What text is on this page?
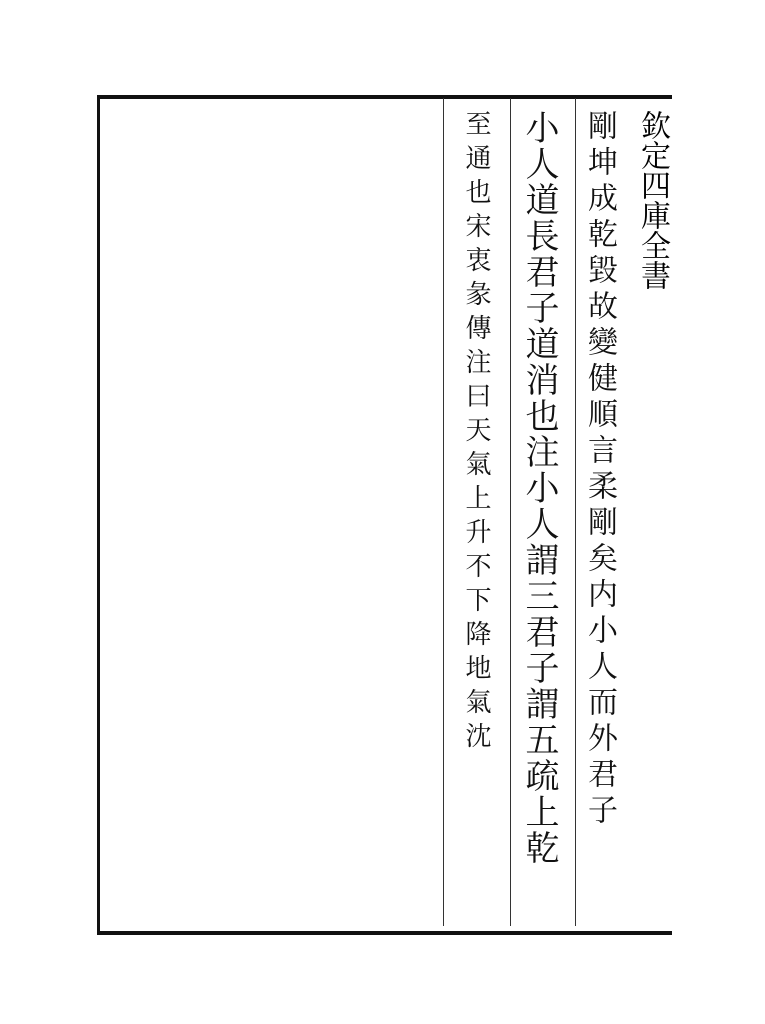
欽定四庫全書
剛坤成乾毀故變健順言柔剛矣内小人而外君子
小人道長君子道消也注小人謂三君子謂五疏上乾
至通也宋衷彖傳注曰天氣上升不下降地氣沈
